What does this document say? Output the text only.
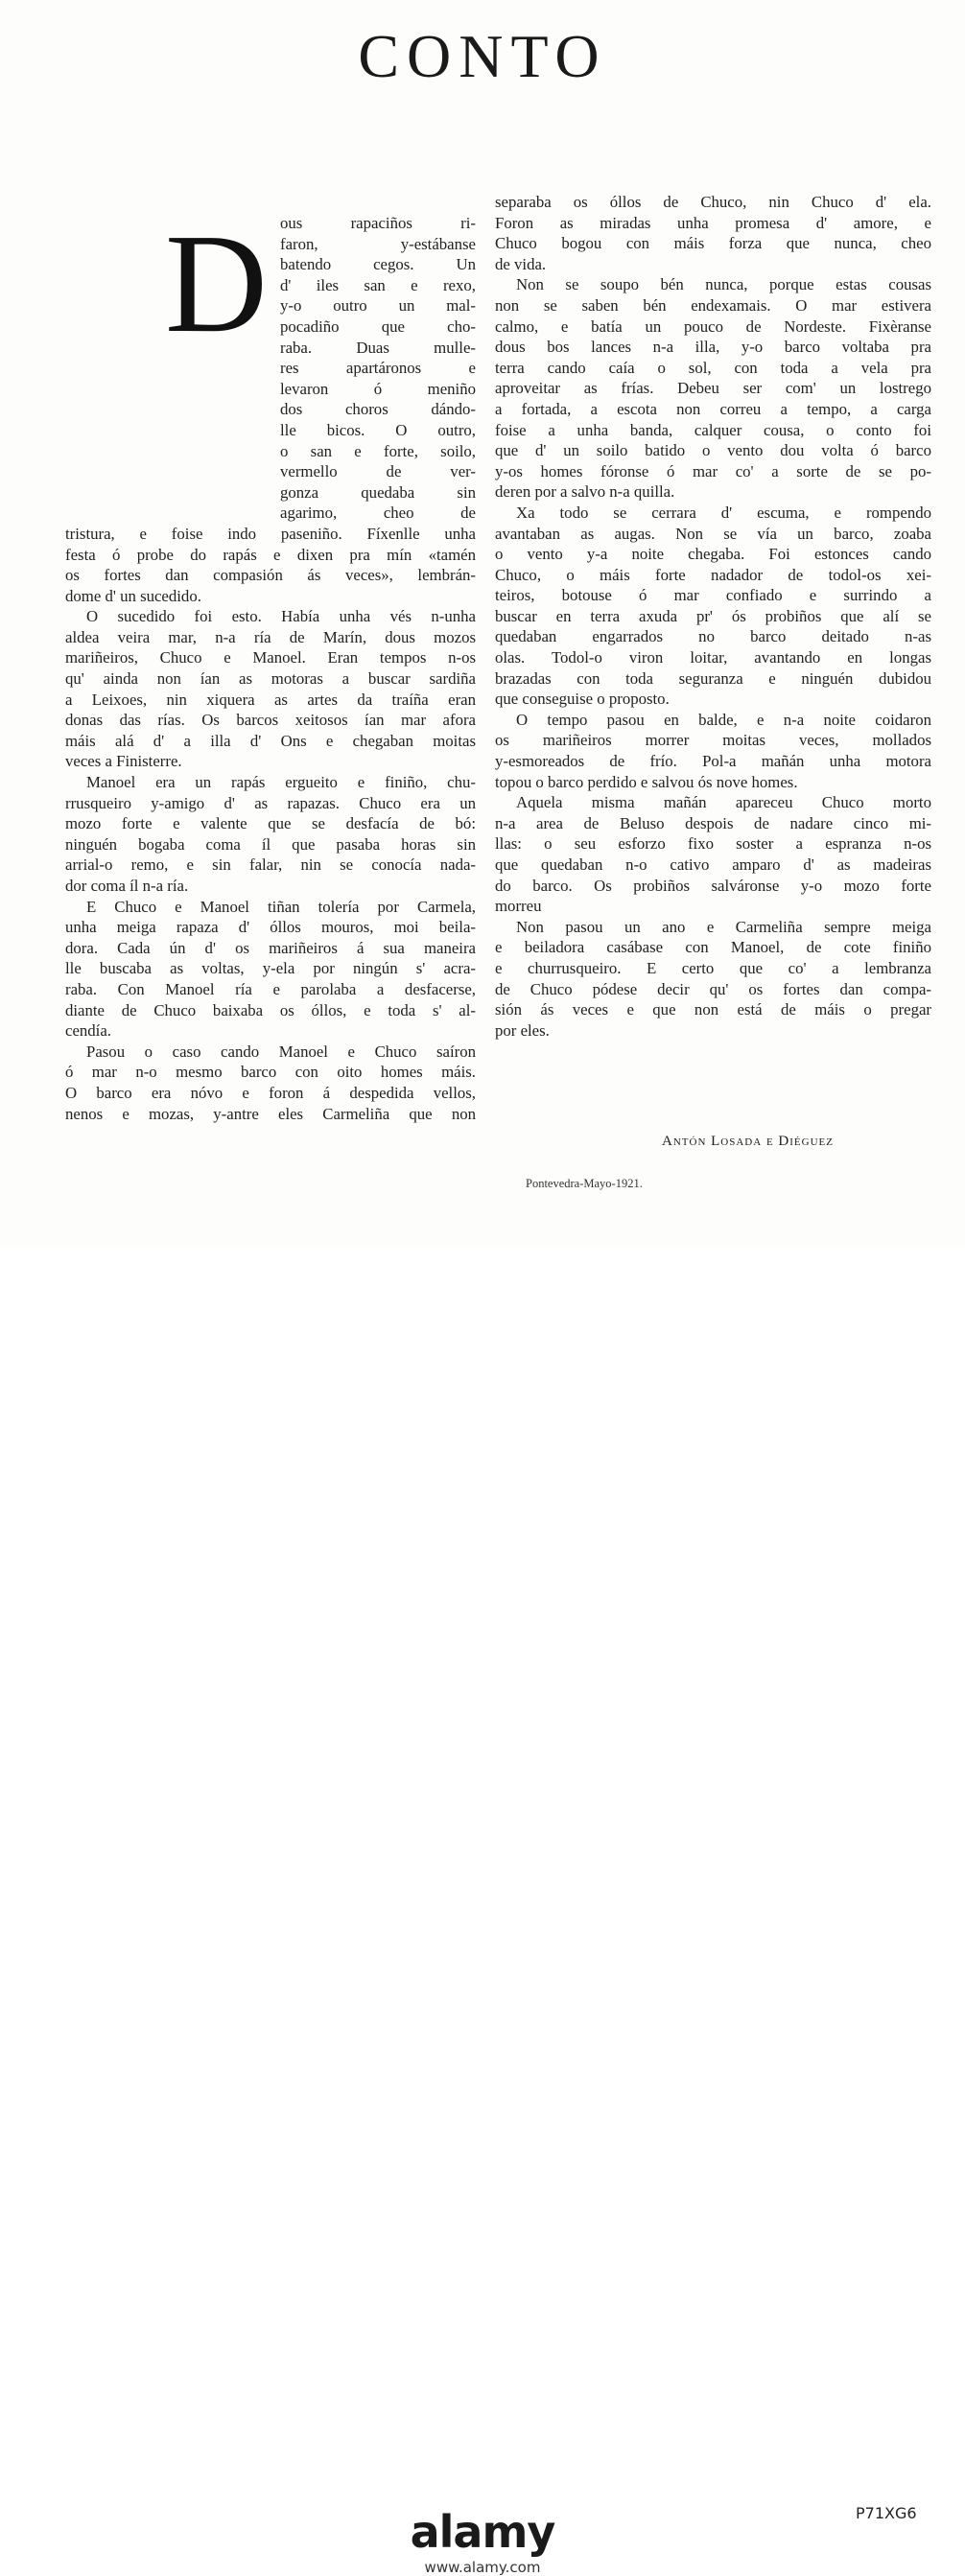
CONTO
D ous rapaciños ri-
faron, y-estábanse
batendo cegos. Un
d' iles san e rexo,
y-o outro un mal-
pocadiño que cho-
raba. Duas mulle-
res apartáronos e
levaron ó meniño
dos choros dándo-
lle bicos. O outro,
o san e forte, soilo,
vermello de ver-
gonza quedaba sin
agarimo, cheo de
tristura, e foise indo paseniño. Fíxenlle unha
festa ó probe do rapás e dixen pra mín «tamén
os fortes dan compasión ás veces», lembrán-
dome d' un sucedido.
O sucedido foi esto. Había unha vés n-unha
aldea veira mar, n-a ría de Marín, dous mozos
mariñeiros, Chuco e Manoel. Eran tempos n-os
qu' ainda non ían as motoras a buscar sardiña
a Leixoes, nin xiquera as artes da traíña eran
donas das rías. Os barcos xeitosos ían mar afora
máis alá d' a illa d' Ons e chegaban moitas
veces a Finisterre.
Manoel era un rapás ergueito e finiño, chu-
rrusqueiro y-amigo d' as rapazas. Chuco era un
mozo forte e valente que se desfacía de bó:
ninguén bogaba coma íl que pasaba horas sin
arrial-o remo, e sin falar, nin se conocía nada-
dor coma íl n-a ría.
E Chuco e Manoel tiñan tolería por Carmela,
unha meiga rapaza d' óllos mouros, moi beila-
dora. Cada ún d' os mariñeiros á sua maneira
lle buscaba as voltas, y-ela por ningún s' acra-
raba. Con Manoel ría e parolaba a desfacerse,
diante de Chuco baixaba os óllos, e toda s' al-
cendía.
Pasou o caso cando Manoel e Chuco saíron
ó mar n-o mesmo barco con oito homes máis.
O barco era nóvo e foron á despedida vellos,
nenos e mozas, y-antre eles Carmeliña que non
separaba os óllos de Chuco, nin Chuco d' ela.
Foron as miradas unha promesa d' amore, e
Chuco bogou con máis forza que nunca, cheo
de vida.
Non se soupo bén nunca, porque estas cousas
non se saben bén endexamais. O mar estivera
calmo, e batía un pouco de Nordeste. Fixèranse
dous bos lances n-a illa, y-o barco voltaba pra
terra cando caía o sol, con toda a vela pra
aproveitar as frías. Debeu ser com' un lostrego
a fortada, a escota non correu a tempo, a carga
foise a unha banda, calquer cousa, o conto foi
que d' un soilo batido o vento dou volta ó barco
y-os homes fóronse ó mar co' a sorte de se po-
deren por a salvo n-a quilla.
Xa todo se cerrara d' escuma, e rompendo
avantaban as augas. Non se vía un barco, zoaba
o vento y-a noite chegaba. Foi estonces cando
Chuco, o máis forte nadador de todol-os xei-
teiros, botouse ó mar confiado e surrindo a
buscar en terra axuda pr' ós probiños que alí se
quedaban engarrados no barco deitado n-as
olas. Todol-o viron loitar, avantando en longas
brazadas con toda seguranza e ninguén dubidou
que conseguise o proposto.
O tempo pasou en balde, e n-a noite coidaron
os mariñeiros morrer moitas veces, mollados
y-esmoreados de frío. Pol-a mañán unha motora
topou o barco perdido e salvou ós nove homes.
Aquela misma mañán apareceu Chuco morto
n-a area de Beluso despois de nadare cinco mi-
llas: o seu esforzo fixo soster a espranza n-os
que quedaban n-o cativo amparo d' as madeiras
do barco. Os probiños salváronse y-o mozo forte
morreu
Non pasou un ano e Carmeliña sempre meiga
e beiladora casábase con Manoel, de cote finiño
e churrusqueiro. E certo que co' a lembranza
de Chuco pódese decir qu' os fortes dan compa-
sión ás veces e que non está de máis o pregar
por eles.
Antón Losada e Diéguez
Pontevedra-Mayo-1921.
alamy	P71XG6
www.alamy.com
